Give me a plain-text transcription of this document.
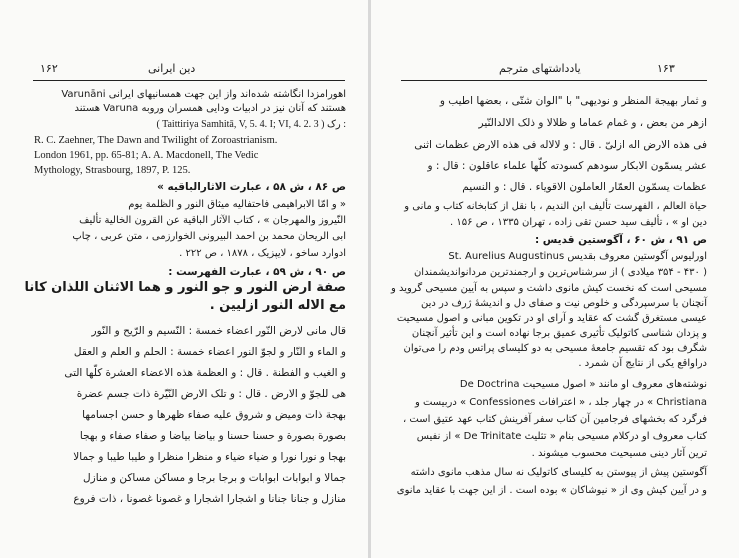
۱۶۲	دین ایرانی
اهورامزدا انگاشته شده‌اند واز این جهت همسانیهای ایرانی Varunāni
هستند که آنان نیز در ادبیات ودایی همسران وروبه Varuna هستند
( Taittiriya Samhitā, V, 5. 4. I; VI, 4. 2. 3 ) رک :
R. C. Zaehner, The Dawn and Twilight of Zoroastrianism.
London 1961, pp. 65-81; A. A. Macdonell, The Vedic
Mythology, Strasbourg, 1897, P. 125.
ص ۸۶ ، ش ۵۸ ، عبارت الاثارالباقیه »
« و امّا الابراهیمی فاحتفالیه میثاق النور و الظلمة یوم
النّیروز والمهرجان » ، کتاب الآثار الباقیة عن القرون الخالیة تألیف
ابی الریحان محمد بن احمد البیرونی الخوارزمی ، متن عربی ، چاپ
ادوارد ساخو ، لایپزیک ، ۱۸۷۸ ، ص ۲۲۲ .
ص ۹۰ ، ش ۵۹ ، عبارت الفهرست :
صفة ارض النور و جو النور و هما الاثنان اللذان کانا
مع الاله النور ازلیین .
قال مانی لارض النّور اعضاء خمسة : النّسیم و الرّیح و النّور
و الماء و النّار و لجوّ النور اعضاء خمسة : الحلم و العلم و العقل
و الغیب و الفطنة . قال : و العظمة هذه الاعضاء العشرة کلّها التی
هی للجوّ و الارض . قال : و تلک الارض النّیّرة ذات جسم عضرة
بهجة ذات ومیض و شروق علیه صفاء ظهرها و حسن اجسامها
بصورة بصورة و حسنا حسنا و بیاضا بیاضا و صفاء صفاء و بهجا
بهجا و نورا نورا و ضیاء ضیاء و منظرا منظرا و طیبا طیبا و جمالا
جمالا و ابوابات ابوابات و برجا برجا و مساکن مساکن و منازل
منازل و جنانا جنانا و اشجارا اشجارا و غصونا غصونا ، ذات فروع
یادداشتهای مترجم	۱۶۳
و ثمار بهیجة المنظر و نودیهی" با "الوان شتّی ، بعضها اطیب و
ازهر من بعض ، و غمام عماما و ظلالا و ذلک الالدالنّیر
فی هذه الارض اله ازلیّ . قال : و لالاله فی هذه الارض عظمات اثنی
عشر یسمّون الابکار سودهم کسودته کلّها علماء عاقلون : قال : و
عظمات یسمّون العمّار العاملون الاقویاء . قال : و النسیم
حیاة العالم ، الفهرست تألیف ابن الندیم ، با نقل از کتابخانه کتاب و مانی و
دین او » ، تألیف سید حسن تقی زاده ، تهران ۱۳۳۵ ، ص ۱۵۶ .
ص ۹۱ ، ش ۶۰ ، آگوستین قدیس :
اورلیوس آگوستین معروف بقدیس St. Aurelius Augustinus
( ۴۳۰ - ۳۵۴ میلادی ) از سرشناس‌ترین و ارجمندترین مردانواندیشمندان
مسیحی است که نخست کیش مانوی داشت و سپس به آیین مسیحی گروید و
آنچنان با سرسپردگی و خلوص نیت و صفای دل و اندیشهٔ ژرف در دین
عیسی مستغرق گشت که عقاید و آرای او در تکوین مبانی و اصول مسیحیت
و پزدان شناسی کاتولیک تأثیری عمیق برجا نهاده است و این تأثیر آنچنان
شگرف بود که تقسیم جامعهٔ مسیحی به دو کلیسای پراتس ودم را می‌توان
دراواقع یکی از نتایج آن شمرد .
نوشته‌های معروف او مانند « اصول مسیحیت De Doctrina
Christiana » در چهار جلد ، « اعترافات Confessiones » دربیست و
فرگرد که بخشهای فرجامین آن کتاب سفر آفرینش کتاب عهد عتیق است ،
کتاب معروف او درکلام مسیحی بنام « تثلیث De Trinitate » از نفیس‌
ترین آثار دینی مسیحیت محسوب میشوند .
آگوستین پیش از پیوستن به کلیسای کاتولیک نه سال مذهب مانوی داشته
و در آیین کیش وی از « نیوشاکان » بوده است . از این جهت با عقاید مانوی
